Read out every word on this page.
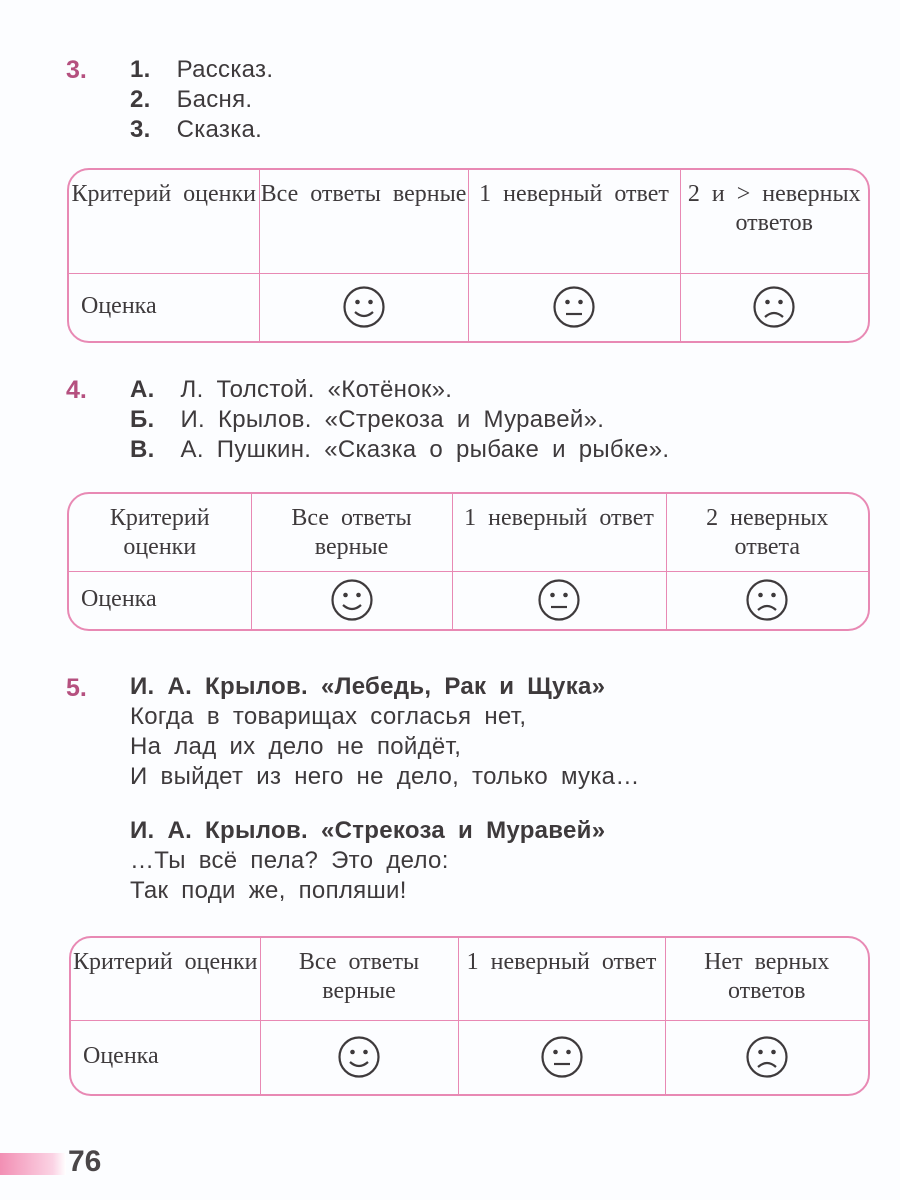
3. 1. Рассказ.
2. Басня.
3. Сказка.
Критерий оценки	Все ответы верные	1 неверный ответ	2 и > неверных ответов
Оценка			
4. А. Л. Толстой. «Котёнок».
Б. И. Крылов. «Стрекоза и Муравей».
В. А. Пушкин. «Сказка о рыбаке и рыбке».
Критерий оценки	Все ответы верные	1 неверный ответ	2 неверных ответа
Оценка			
5. И. А. Крылов. «Лебедь, Рак и Щука»
Когда в товарищах согласья нет,
На лад их дело не пойдёт,
И выйдет из него не дело, только мука…
И. А. Крылов. «Стрекоза и Муравей»
…Ты всё пела? Это дело:
Так поди же, попляши!
Критерий оценки	Все ответы верные	1 неверный ответ	Нет верных ответов
Оценка			
76
